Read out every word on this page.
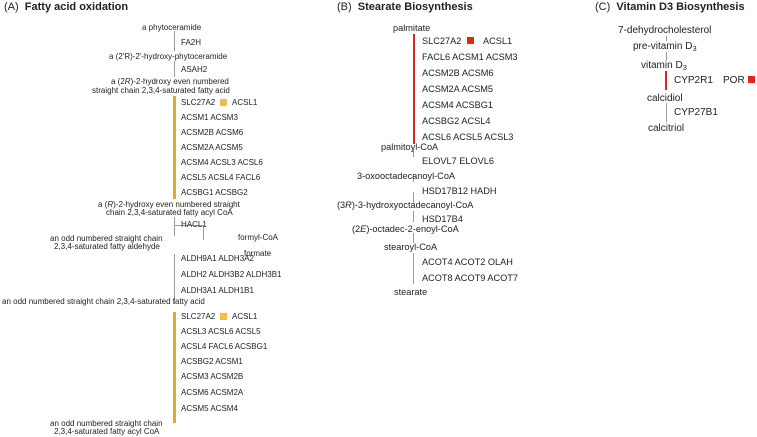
(A) Fatty acid oxidation
a phytoceramide
FA2H
a (2'R)-2'-hydroxy-phytoceramide
ASAH2
a (2R)-2-hydroxy even numbered
straight chain 2,3,4-saturated fatty acid
SLC27A2 ACSL1
ACSM1 ACSM3
ACSM2B ACSM6
ACSM2A ACSM5
ACSM4 ACSL3 ACSL6
ACSL5 ACSL4 FACL6
ACSBG1 ACSBG2
a (R)-2-hydroxy even numbered straight
chain 2,3,4-saturated fatty acyl CoA
HACL1
an odd numbered straight chain
2,3,4-saturated fatty aldehyde
formyl-CoA
formate
ALDH9A1 ALDH3A2
ALDH2 ALDH3B2 ALDH3B1
ALDH3A1 ALDH1B1
an odd numbered straight chain 2,3,4-saturated fatty acid
SLC27A2 ACSL1
ACSL3 ACSL6 ACSL5
ACSL4 FACL6 ACSBG1
ACSBG2 ACSM1
ACSM3 ACSM2B
ACSM6 ACSM2A
ACSM5 ACSM4
an odd numbered straight chain
2,3,4-saturated fatty acyl CoA
(B) Stearate Biosynthesis
palmitate
SLC27A2 ACSL1
FACL6 ACSM1 ACSM3
ACSM2B ACSM6
ACSM2A ACSM5
ACSM4 ACSBG1
ACSBG2 ACSL4
ACSL6 ACSL5 ACSL3
palmitoyl-CoA
ELOVL7 ELOVL6
3-oxooctadecanoyl-CoA
HSD17B12 HADH
(3R)-3-hydroxyoctadecanoyl-CoA
HSD17B4
(2E)-octadec-2-enoyl-CoA
stearoyl-CoA
ACOT4 ACOT2 OLAH
ACOT8 ACOT9 ACOT7
stearate
(C) Vitamin D3 Biosynthesis
7-dehydrocholesterol
pre-vitamin $D_3$
vitamin $D_3$
CYP2R1 POR
calcidiol
CYP27B1
calcitriol
